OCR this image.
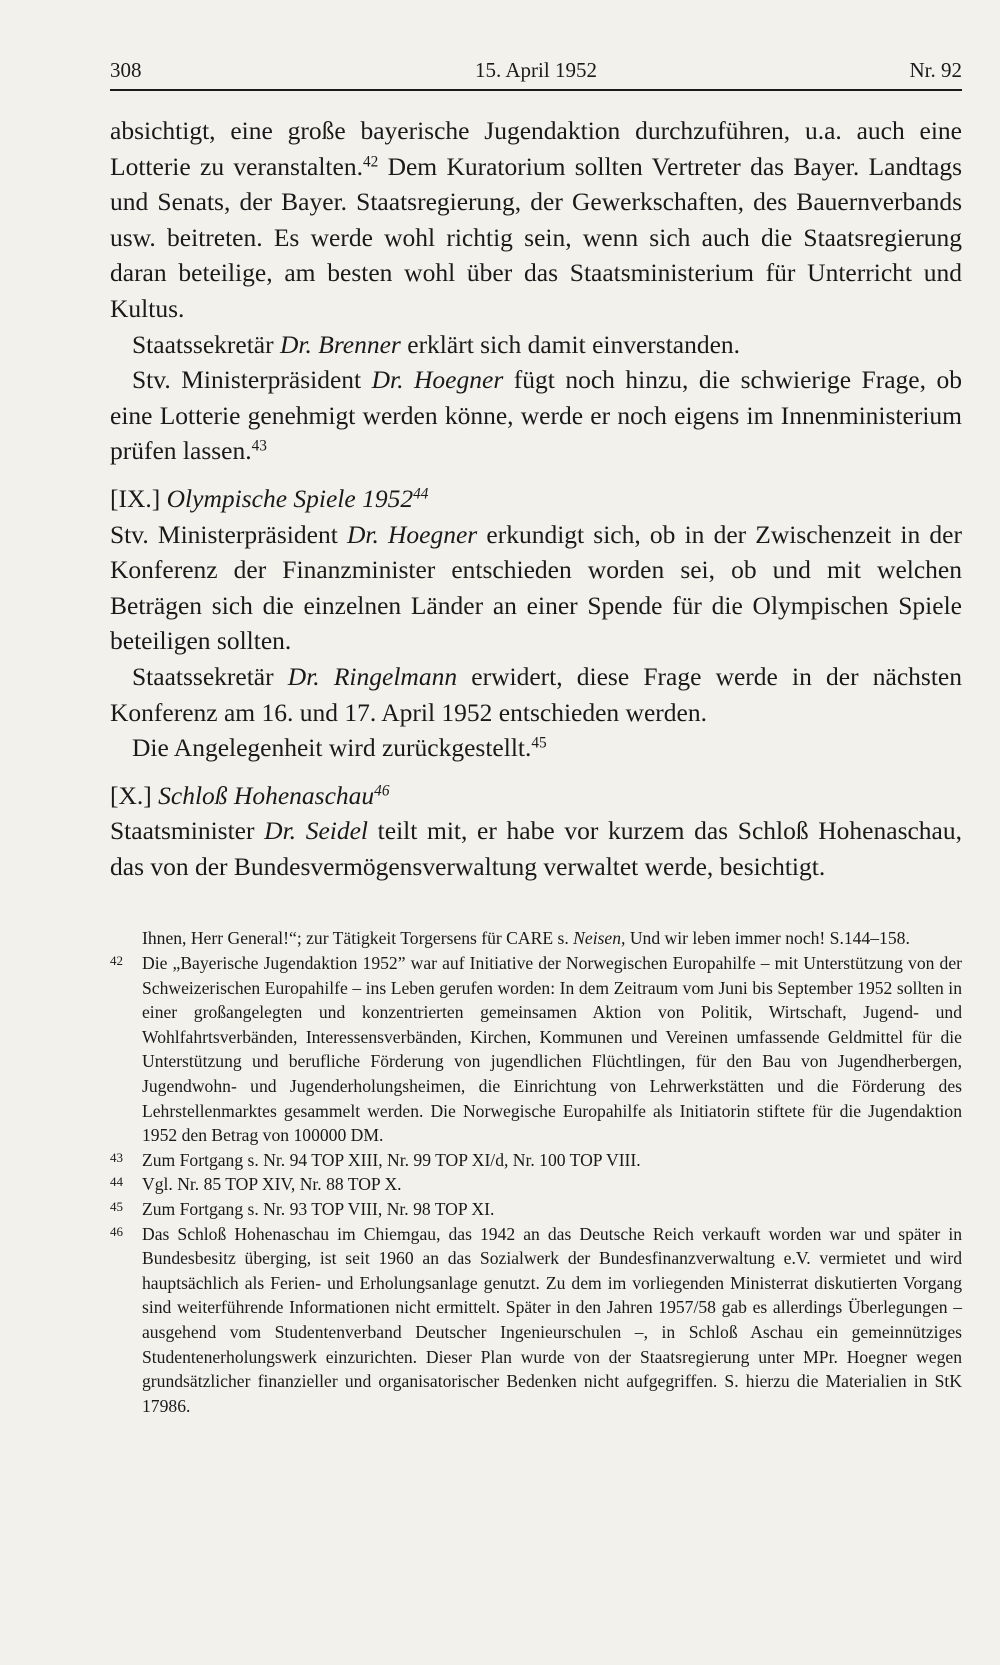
308	15. April 1952	Nr. 92

absichtigt, eine große bayerische Jugendaktion durchzuführen, u.a. auch eine Lotterie zu veranstalten.$^{42}$ Dem Kuratorium sollten Vertreter das Bayer. Landtags und Senats, der Bayer. Staatsregierung, der Gewerkschaften, des Bauernverbands usw. beitreten. Es werde wohl richtig sein, wenn sich auch die Staatsregierung daran beteilige, am besten wohl über das Staatsministerium für Unterricht und Kultus.

Staatssekretär Dr. Brenner erklärt sich damit einverstanden.

Stv. Ministerpräsident Dr. Hoegner fügt noch hinzu, die schwierige Frage, ob eine Lotterie genehmigt werden könne, werde er noch eigens im Innenministerium prüfen lassen.$^{43}$

[IX.] Olympische Spiele 1952$^{44}$

Stv. Ministerpräsident Dr. Hoegner erkundigt sich, ob in der Zwischenzeit in der Konferenz der Finanzminister entschieden worden sei, ob und mit welchen Beträgen sich die einzelnen Länder an einer Spende für die Olympischen Spiele beteiligen sollten.

Staatssekretär Dr. Ringelmann erwidert, diese Frage werde in der nächsten Konferenz am 16. und 17. April 1952 entschieden werden.

Die Angelegenheit wird zurückgestellt.$^{45}$

[X.] Schloß Hohenaschau$^{46}$

Staatsminister Dr. Seidel teilt mit, er habe vor kurzem das Schloß Hohenaschau, das von der Bundesvermögensverwaltung verwaltet werde, besichtigt.

Ihnen, Herr General!“; zur Tätigkeit Torgersens für CARE s. Neisen, Und wir leben immer noch! S.144–158.
42	Die „Bayerische Jugendaktion 1952” war auf Initiative der Norwegischen Europahilfe – mit Unterstützung von der Schweizerischen Europahilfe – ins Leben gerufen worden: In dem Zeitraum vom Juni bis September 1952 sollten in einer großangelegten und konzentrierten gemeinsamen Aktion von Politik, Wirtschaft, Jugend- und Wohlfahrtsverbänden, Interessensverbänden, Kirchen, Kommunen und Vereinen umfassende Geldmittel für die Unterstützung und berufliche Förderung von jugendlichen Flüchtlingen, für den Bau von Jugendherbergen, Jugendwohn- und Jugenderholungsheimen, die Einrichtung von Lehrwerkstätten und die Förderung des Lehrstellenmarktes gesammelt werden. Die Norwegische Europahilfe als Initiatorin stiftete für die Jugendaktion 1952 den Betrag von 100000 DM.
43	Zum Fortgang s. Nr. 94 TOP XIII, Nr. 99 TOP XI/d, Nr. 100 TOP VIII.
44	Vgl. Nr. 85 TOP XIV, Nr. 88 TOP X.
45	Zum Fortgang s. Nr. 93 TOP VIII, Nr. 98 TOP XI.
46	Das Schloß Hohenaschau im Chiemgau, das 1942 an das Deutsche Reich verkauft worden war und später in Bundesbesitz überging, ist seit 1960 an das Sozialwerk der Bundesfinanzverwaltung e.V. vermietet und wird hauptsächlich als Ferien- und Erholungsanlage genutzt. Zu dem im vorliegenden Ministerrat diskutierten Vorgang sind weiterführende Informationen nicht ermittelt. Später in den Jahren 1957/58 gab es allerdings Überlegungen – ausgehend vom Studentenverband Deutscher Ingenieurschulen –, in Schloß Aschau ein gemeinnütziges Studentenerholungswerk einzurichten. Dieser Plan wurde von der Staatsregierung unter MPr. Hoegner wegen grundsätzlicher finanzieller und organisatorischer Bedenken nicht aufgegriffen. S. hierzu die Materialien in StK 17986.
